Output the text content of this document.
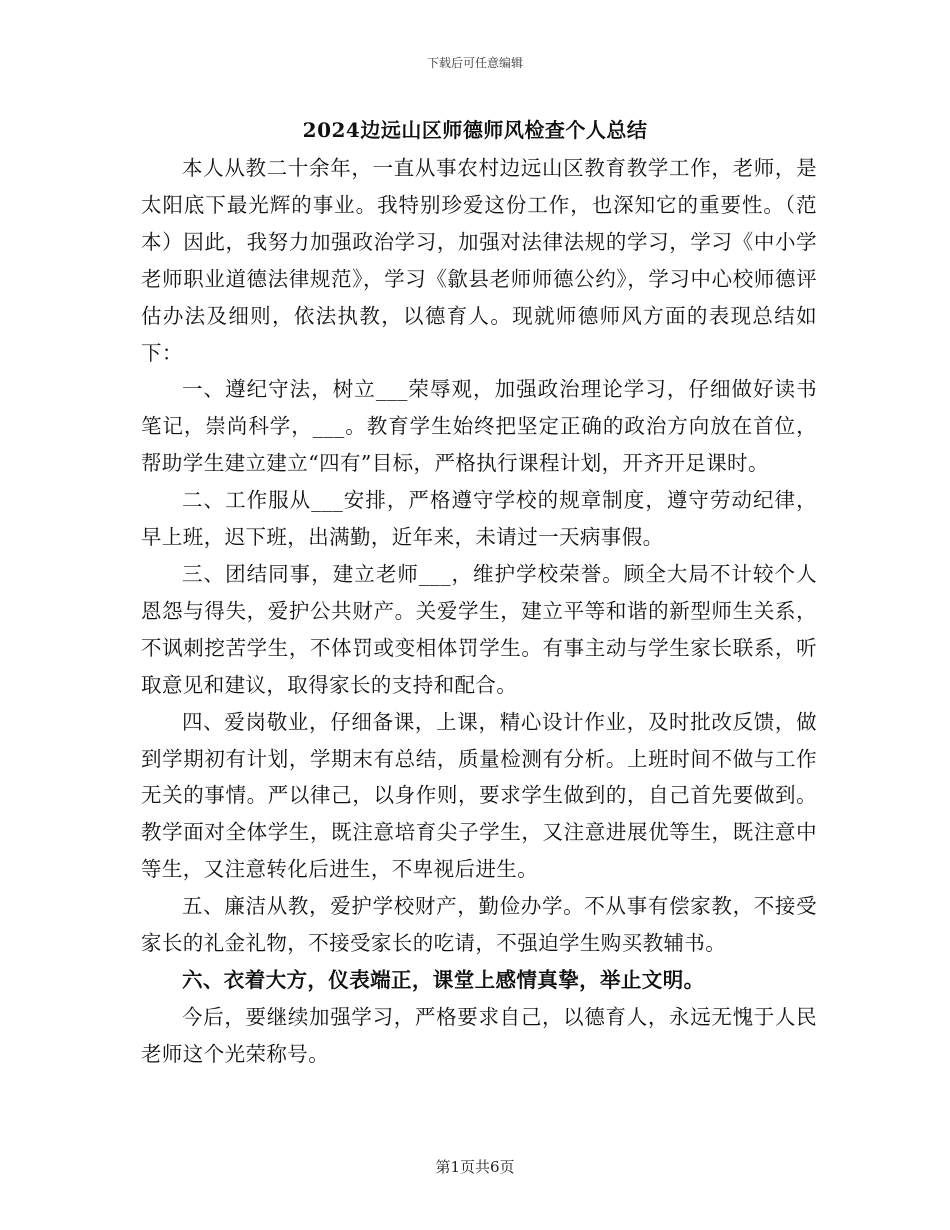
下载后可任意编辑
2024边远山区师德师风检查个人总结

本人从教二十余年，一直从事农村边远山区教育教学工作，老师，是太阳底下最光辉的事业。我特别珍爱这份工作，也深知它的重要性。（范本）因此，我努力加强政治学习，加强对法律法规的学习，学习《中小学老师职业道德法律规范》，学习《歙县老师师德公约》，学习中心校师德评估办法及细则，依法执教，以德育人。现就师德师风方面的表现总结如下：

一、遵纪守法，树立___荣辱观，加强政治理论学习，仔细做好读书笔记，崇尚科学，___。教育学生始终把坚定正确的政治方向放在首位，帮助学生建立建立“四有”目标，严格执行课程计划，开齐开足课时。

二、工作服从___安排，严格遵守学校的规章制度，遵守劳动纪律，早上班，迟下班，出满勤，近年来，未请过一天病事假。

三、团结同事，建立老师___，维护学校荣誉。顾全大局不计较个人恩怨与得失，爱护公共财产。关爱学生，建立平等和谐的新型师生关系，不讽刺挖苦学生，不体罚或变相体罚学生。有事主动与学生家长联系，听取意见和建议，取得家长的支持和配合。

四、爱岗敬业，仔细备课，上课，精心设计作业，及时批改反馈，做到学期初有计划，学期末有总结，质量检测有分析。上班时间不做与工作无关的事情。严以律己，以身作则，要求学生做到的，自己首先要做到。教学面对全体学生，既注意培育尖子学生，又注意进展优等生，既注意中等生，又注意转化后进生，不卑视后进生。

五、廉洁从教，爱护学校财产，勤俭办学。不从事有偿家教，不接受家长的礼金礼物，不接受家长的吃请，不强迫学生购买教辅书。

六、衣着大方，仪表端正，课堂上感情真挚，举止文明。

今后，要继续加强学习，严格要求自己，以德育人，永远无愧于人民老师这个光荣称号。

第1页共6页
